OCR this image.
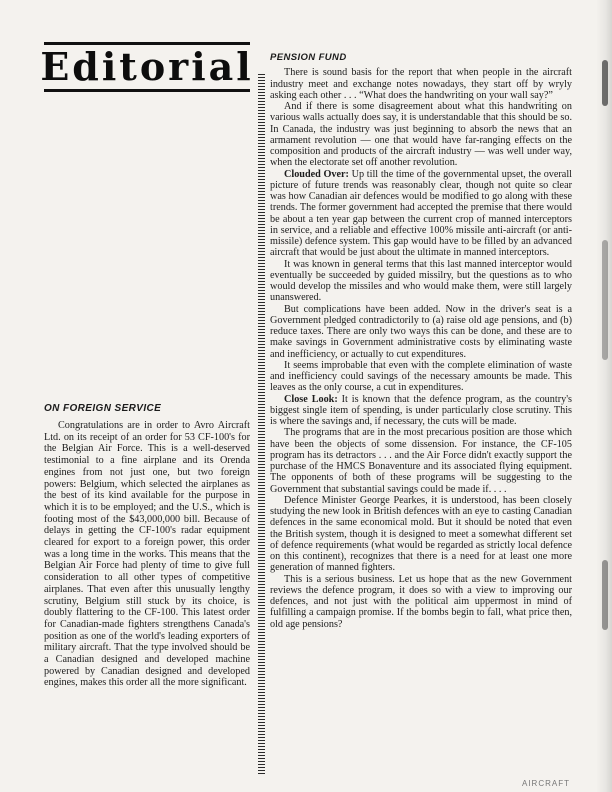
Editorial
ON FOREIGN SERVICE

Congratulations are in order to Avro Aircraft Ltd. on its receipt of an order for 53 CF-100's for the Belgian Air Force. This is a well-deserved testimonial to a fine airplane and its Orenda engines from not just one, but two foreign powers: Belgium, which selected the airplanes as the best of its kind available for the purpose in which it is to be employed; and the U.S., which is footing most of the $43,000,000 bill. Because of delays in getting the CF-100's radar equipment cleared for export to a foreign power, this order was a long time in the works. This means that the Belgian Air Force had plenty of time to give full consideration to all other types of competitive airplanes. That even after this unusually lengthy scrutiny, Belgium still stuck by its choice, is doubly flattering to the CF-100. This latest order for Canadian-made fighters strengthens Canada's position as one of the world's leading exporters of military aircraft. That the type involved should be a Canadian designed and developed machine powered by Canadian designed and developed engines, makes this order all the more significant.

PENSION FUND

There is sound basis for the report that when people in the aircraft industry meet and exchange notes nowadays, they start off by wryly asking each other . . . “What does the handwriting on your wall say?”

And if there is some disagreement about what this handwriting on various walls actually does say, it is understandable that this should be so. In Canada, the industry was just beginning to absorb the news that an armament revolution — one that would have far-ranging effects on the composition and products of the aircraft industry — was well under way, when the electorate set off another revolution.

Clouded Over: Up till the time of the governmental upset, the overall picture of future trends was reasonably clear, though not quite so clear was how Canadian air defences would be modified to go along with these trends. The former government had accepted the premise that there would be about a ten year gap between the current crop of manned interceptors in service, and a reliable and effective 100% missile anti-aircraft (or anti-missile) defence system. This gap would have to be filled by an advanced aircraft that would be just about the ultimate in manned interceptors.

It was known in general terms that this last manned interceptor would eventually be succeeded by guided missilry, but the questions as to who would develop the missiles and who would make them, were still largely unanswered.

But complications have been added. Now in the driver's seat is a Government pledged contradictorily to (a) raise old age pensions, and (b) reduce taxes. There are only two ways this can be done, and these are to make savings in Government administrative costs by eliminating waste and inefficiency, or actually to cut expenditures.

It seems improbable that even with the complete elimination of waste and inefficiency could savings of the necessary amounts be made. This leaves as the only course, a cut in expenditures.

Close Look: It is known that the defence program, as the country's biggest single item of spending, is under particularly close scrutiny. This is where the savings and, if necessary, the cuts will be made.

The programs that are in the most precarious position are those which have been the objects of some dissension. For instance, the CF-105 program has its detractors . . . and the Air Force didn't exactly support the purchase of the HMCS Bonaventure and its associated flying equipment. The opponents of both of these programs will be suggesting to the Government that substantial savings could be made if. . . .

Defence Minister George Pearkes, it is understood, has been closely studying the new look in British defences with an eye to casting Canadian defences in the same economical mold. But it should be noted that even the British system, though it is designed to meet a somewhat different set of defence requirements (what would be regarded as strictly local defence on this continent), recognizes that there is a need for at least one more generation of manned fighters.

This is a serious business. Let us hope that as the new Government reviews the defence program, it does so with a view to improving our defences, and not just with the political aim uppermost in mind of fulfilling a campaign promise. If the bombs begin to fall, what price then, old age pensions?

AIRCRAFT
